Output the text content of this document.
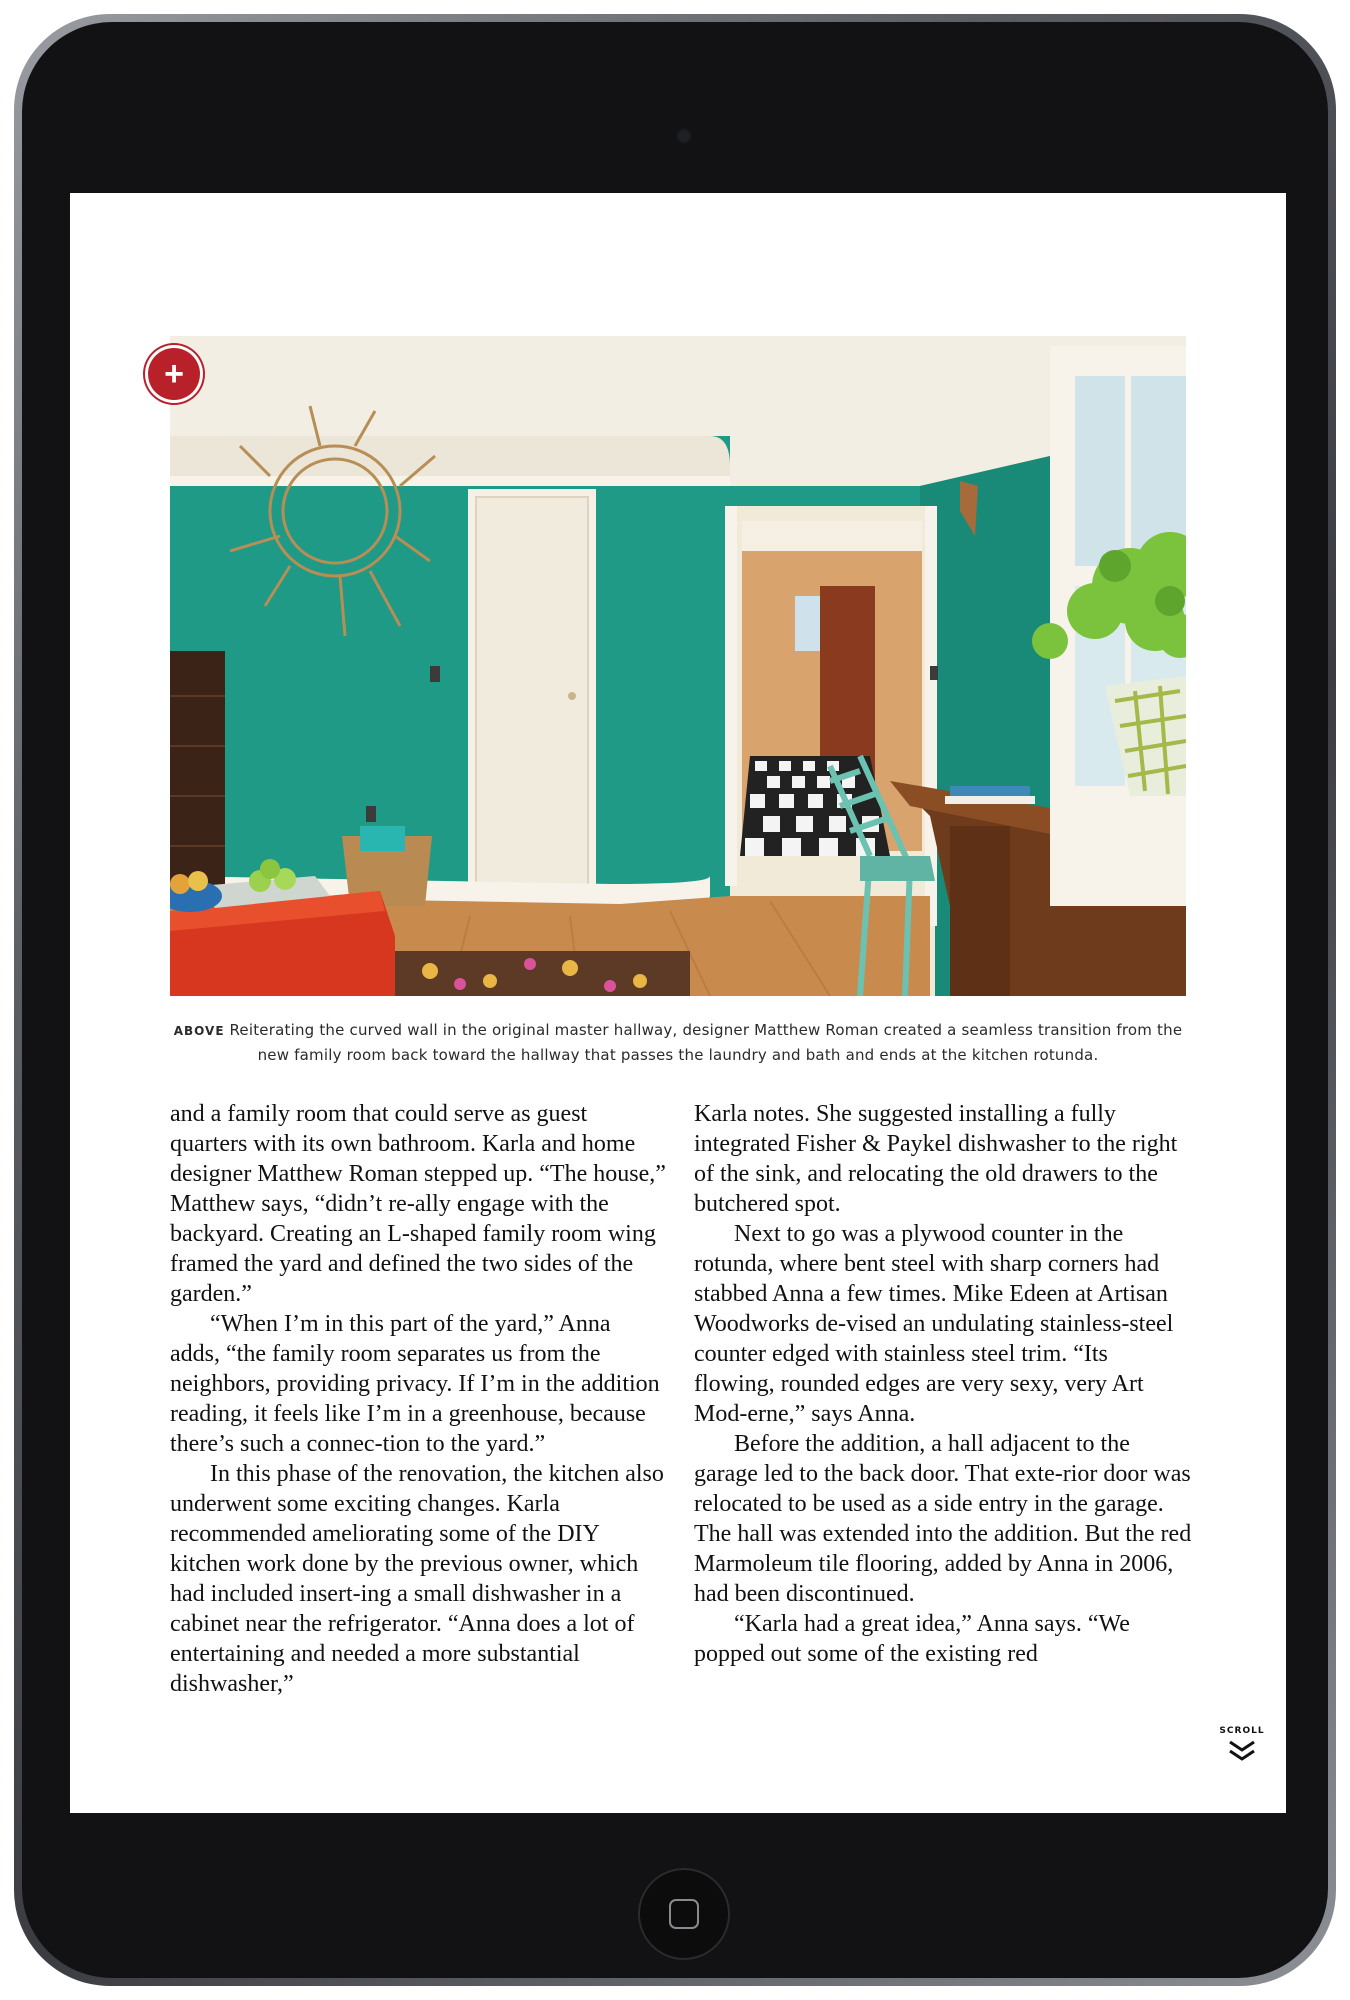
+
ABOVE Reiterating the curved wall in the original master hallway, designer Matthew Roman created a seamless transition from the new family room back toward the hallway that passes the laundry and bath and ends at the kitchen rotunda.

and a family room that could serve as guest quarters with its own bathroom. Karla and home designer Matthew Roman stepped up. “The house,” Matthew says, “didn’t re-ally engage with the backyard. Creating an L-shaped family room wing framed the yard and defined the two sides of the garden.”

“When I’m in this part of the yard,” Anna adds, “the family room separates us from the neighbors, providing privacy. If I’m in the addition reading, it feels like I’m in a greenhouse, because there’s such a connec-tion to the yard.”

In this phase of the renovation, the kitchen also underwent some exciting changes. Karla recommended ameliorating some of the DIY kitchen work done by the previous owner, which had included insert-ing a small dishwasher in a cabinet near the refrigerator. “Anna does a lot of entertaining and needed a more substantial dishwasher,”

Karla notes. She suggested installing a fully integrated Fisher & Paykel dishwasher to the right of the sink, and relocating the old drawers to the butchered spot.

Next to go was a plywood counter in the rotunda, where bent steel with sharp corners had stabbed Anna a few times. Mike Edeen at Artisan Woodworks de-vised an undulating stainless-steel counter edged with stainless steel trim. “Its flowing, rounded edges are very sexy, very Art Mod-erne,” says Anna.

Before the addition, a hall adjacent to the garage led to the back door. That exte-rior door was relocated to be used as a side entry in the garage. The hall was extended into the addition. But the red Marmoleum tile flooring, added by Anna in 2006, had been discontinued.

“Karla had a great idea,” Anna says. “We popped out some of the existing red

SCROLL
